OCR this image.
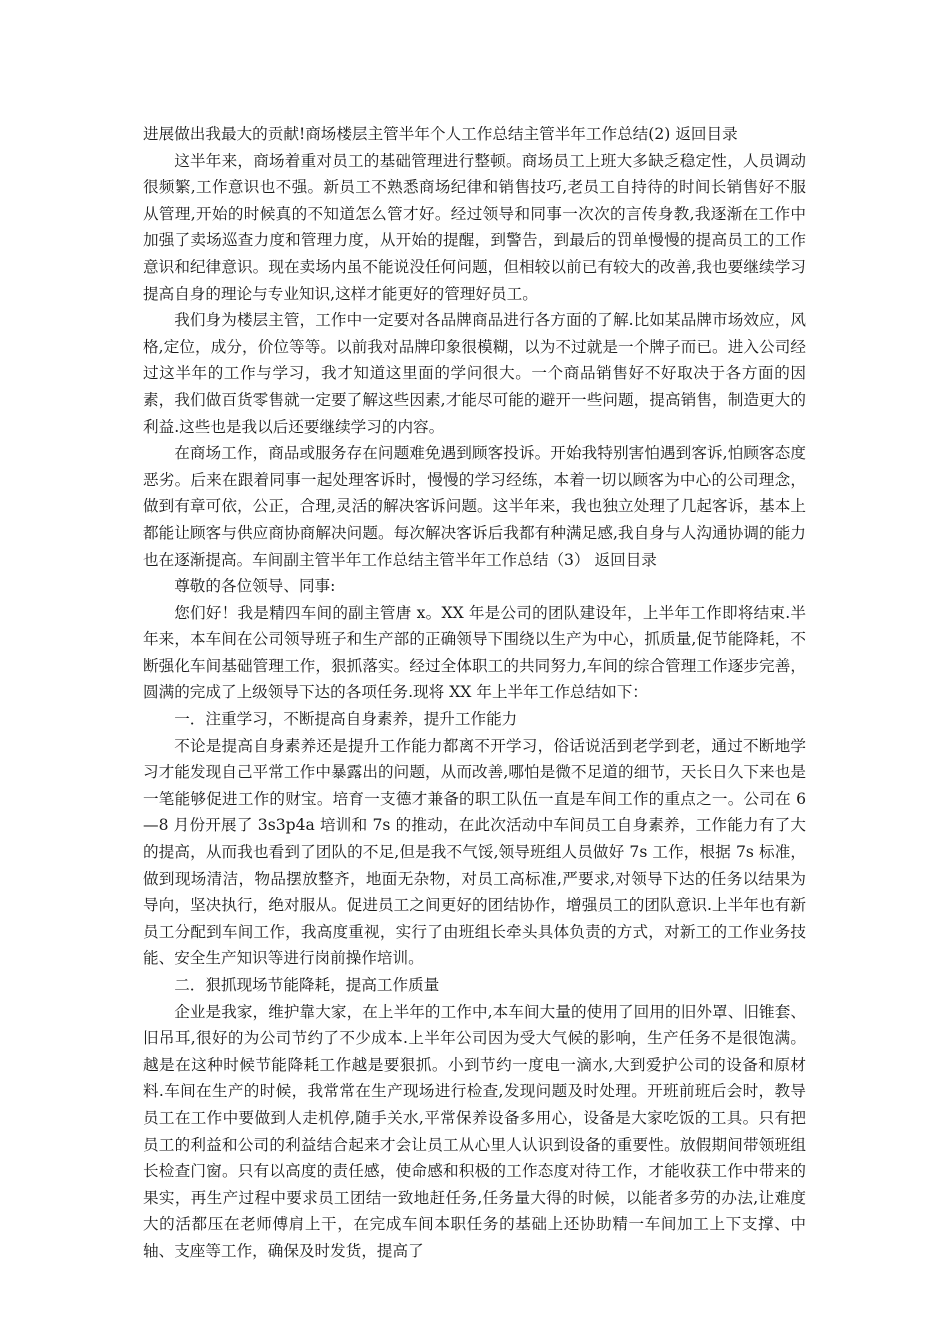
进展做出我最大的贡献!商场楼层主管半年个人工作总结主管半年工作总结(2) 返回目录

这半年来，商场着重对员工的基础管理进行整顿。商场员工上班大多缺乏稳定性，人员调动很频繁,工作意识也不强。新员工不熟悉商场纪律和销售技巧,老员工自持待的时间长销售好不服从管理,开始的时候真的不知道怎么管才好。经过领导和同事一次次的言传身教,我逐渐在工作中加强了卖场巡查力度和管理力度，从开始的提醒，到警告，到最后的罚单慢慢的提高员工的工作意识和纪律意识。现在卖场内虽不能说没任何问题，但相较以前已有较大的改善,我也要继续学习提高自身的理论与专业知识,这样才能更好的管理好员工。

我们身为楼层主管，工作中一定要对各品牌商品进行各方面的了解.比如某品牌市场效应，风格,定位，成分，价位等等。以前我对品牌印象很模糊，以为不过就是一个牌子而已。进入公司经过这半年的工作与学习，我才知道这里面的学问很大。一个商品销售好不好取决于各方面的因素，我们做百货零售就一定要了解这些因素,才能尽可能的避开一些问题，提高销售，制造更大的利益.这些也是我以后还要继续学习的内容。

在商场工作，商品或服务存在问题难免遇到顾客投诉。开始我特别害怕遇到客诉,怕顾客态度恶劣。后来在跟着同事一起处理客诉时，慢慢的学习经练，本着一切以顾客为中心的公司理念，做到有章可依，公正，合理,灵活的解决客诉问题。这半年来，我也独立处理了几起客诉，基本上都能让顾客与供应商协商解决问题。每次解决客诉后我都有种满足感,我自身与人沟通协调的能力也在逐渐提高。车间副主管半年工作总结主管半年工作总结（3） 返回目录

尊敬的各位领导、同事:

您们好！我是精四车间的副主管唐 x。XX 年是公司的团队建设年，上半年工作即将结束.半年来，本车间在公司领导班子和生产部的正确领导下围绕以生产为中心，抓质量,促节能降耗，不断强化车间基础管理工作，狠抓落实。经过全体职工的共同努力,车间的综合管理工作逐步完善，圆满的完成了上级领导下达的各项任务.现将 XX 年上半年工作总结如下：

一．注重学习，不断提高自身素养，提升工作能力

不论是提高自身素养还是提升工作能力都离不开学习，俗话说活到老学到老，通过不断地学习才能发现自己平常工作中暴露出的问题，从而改善,哪怕是微不足道的细节，天长日久下来也是一笔能够促进工作的财宝。培育一支德才兼备的职工队伍一直是车间工作的重点之一。公司在 6—8 月份开展了 3s3p4a 培训和 7s 的推动，在此次活动中车间员工自身素养，工作能力有了大的提高，从而我也看到了团队的不足,但是我不气馁,领导班组人员做好 7s 工作，根据 7s 标准，做到现场清洁，物品摆放整齐，地面无杂物，对员工高标准,严要求,对领导下达的任务以结果为导向，坚决执行，绝对服从。促进员工之间更好的团结协作，增强员工的团队意识.上半年也有新员工分配到车间工作，我高度重视，实行了由班组长牵头具体负责的方式，对新工的工作业务技能、安全生产知识等进行岗前操作培训。

二．狠抓现场节能降耗，提高工作质量

企业是我家，维护靠大家，在上半年的工作中,本车间大量的使用了回用的旧外罩、旧锥套、旧吊耳,很好的为公司节约了不少成本.上半年公司因为受大气候的影响，生产任务不是很饱满。越是在这种时候节能降耗工作越是要狠抓。小到节约一度电一滴水,大到爱护公司的设备和原材料.车间在生产的时候，我常常在生产现场进行检查,发现问题及时处理。开班前班后会时，教导员工在工作中要做到人走机停,随手关水,平常保养设备多用心，设备是大家吃饭的工具。只有把员工的利益和公司的利益结合起来才会让员工从心里人认识到设备的重要性。放假期间带领班组长检查门窗。只有以高度的责任感，使命感和积极的工作态度对待工作，才能收获工作中带来的果实，再生产过程中要求员工团结一致地赶任务,任务量大得的时候，以能者多劳的办法,让难度大的活都压在老师傅肩上干，在完成车间本职任务的基础上还协助精一车间加工上下支撑、中轴、支座等工作，确保及时发货，提高了
